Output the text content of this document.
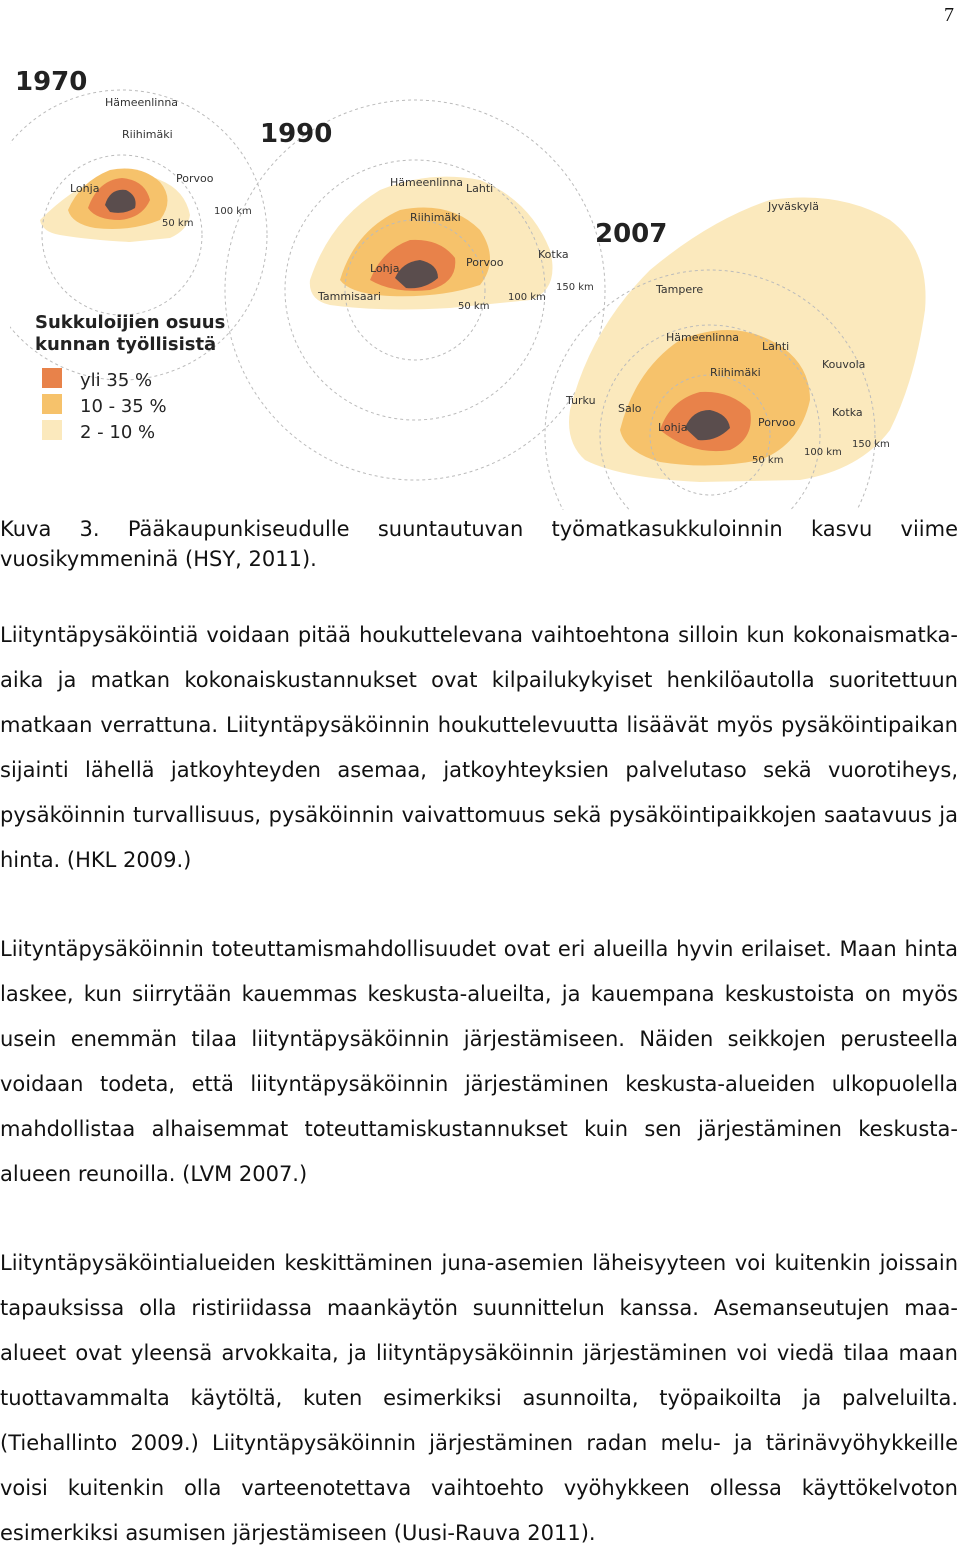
7
1970
Hämeenlinna
Riihimäki
Lohja
Porvoo
50 km
100 km
1990
Hämeenlinna Lahti
Riihimäki
Lohja	Porvoo
Tammisaari
Kotka
50 km
100 km
150 km
2007
Jyväskylä
Tampere
Hämeenlinna
Lahti
Riihimäki
Kouvola
Turku
Salo
Lohja	Porvoo
Kotka
50 km
100 km
150 km
Sukkuloijien osuus
kunnan työllisistä
yli 35 %
10 - 35 %
2 - 10 %
Kuva 3. Pääkaupunkiseudulle suuntautuvan työmatkasukkuloinnin kasvu viime vuosikymmeninä (HSY, 2011).
Liityntäpysäköintiä voidaan pitää houkuttelevana vaihtoehtona silloin kun kokonaismatka-aika ja matkan kokonaiskustannukset ovat kilpailukykyiset henkilöautolla suoritettuun matkaan verrattuna. Liityntäpysäköinnin houkuttelevuutta lisäävät myös pysäköintipaikan sijainti lähellä jatkoyhteyden asemaa, jatkoyhteyksien palvelutaso sekä vuorotiheys, pysäköinnin turvallisuus, pysäköinnin vaivattomuus sekä pysäköintipaikkojen saatavuus ja hinta. (HKL 2009.)
Liityntäpysäköinnin toteuttamismahdollisuudet ovat eri alueilla hyvin erilaiset. Maan hinta laskee, kun siirrytään kauemmas keskusta-alueilta, ja kauempana keskustoista on myös usein enemmän tilaa liityntäpysäköinnin järjestämiseen. Näiden seikkojen perusteella voidaan todeta, että liityntäpysäköinnin järjestäminen keskusta-alueiden ulkopuolella mahdollistaa alhaisemmat toteuttamiskustannukset kuin sen järjestäminen keskusta-alueen reunoilla. (LVM 2007.)
Liityntäpysäköintialueiden keskittäminen juna-asemien läheisyyteen voi kuitenkin joissain tapauksissa olla ristiriidassa maankäytön suunnittelun kanssa. Asemanseutujen maa-alueet ovat yleensä arvokkaita, ja liityntäpysäköinnin järjestäminen voi viedä tilaa maan tuottavammalta käytöltä, kuten esimerkiksi asunnoilta, työpaikoilta ja palveluilta. (Tiehallinto 2009.) Liityntäpysäköinnin järjestäminen radan melu- ja tärinävyöhykkeille voisi kuitenkin olla varteenotettava vaihtoehto vyöhykkeen ollessa käyttökelvoton esimerkiksi asumisen järjestämiseen (Uusi-Rauva 2011).
